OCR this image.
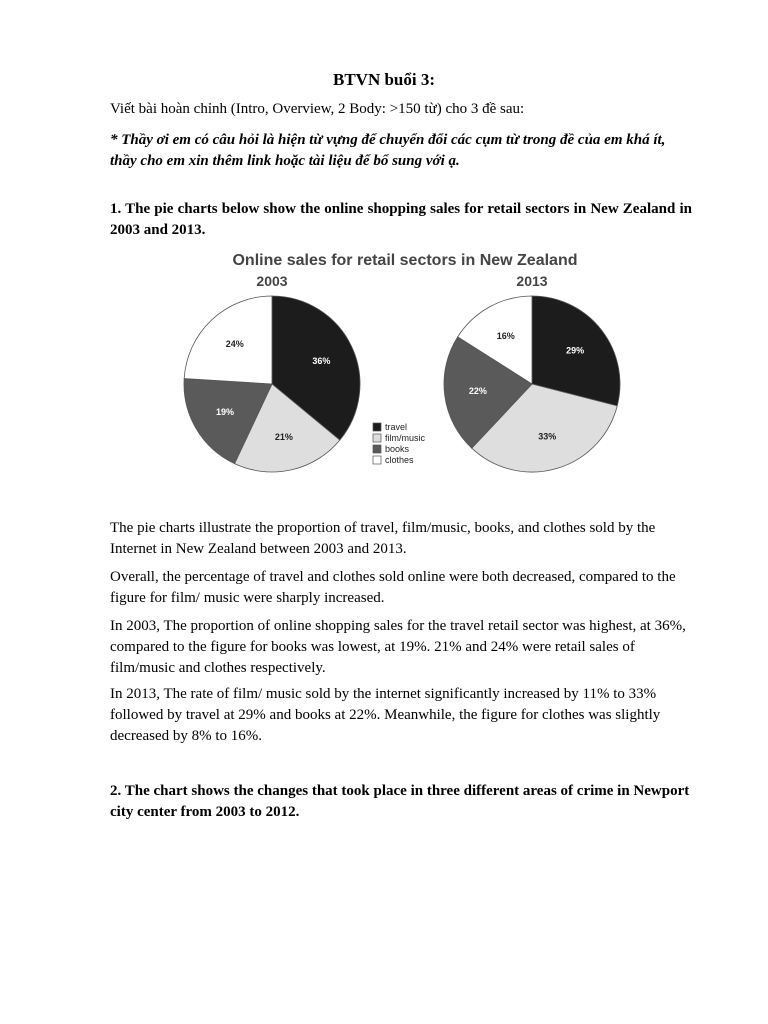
BTVN buổi 3:
Viết bài hoàn chỉnh (Intro, Overview, 2 Body: >150 từ) cho 3 đề sau:
* Thầy ơi em có câu hỏi là hiện từ vựng để chuyển đổi các cụm từ trong đề của em khá ít, thầy cho em xin thêm link hoặc tài liệu để bổ sung với ạ.
1. The pie charts below show the online shopping sales for retail sectors in New Zealand in 2003 and 2013.
Online sales for retail sectors in New Zealand
2003	2013
36%
21%
19%
24%
29%
33%
22%
16%
travel
film/music
books
clothes
The pie charts illustrate the proportion of travel, film/music, books, and clothes sold by the Internet in New Zealand between 2003 and 2013.
Overall, the percentage of travel and clothes sold online were both decreased, compared to the figure for film/ music were sharply increased.
In 2003, The proportion of online shopping sales for the travel retail sector was highest, at 36%, compared to the figure for books was lowest, at 19%. 21% and 24% were retail sales of film/music and clothes respectively.
In 2013, The rate of film/ music sold by the internet significantly increased by 11% to 33% followed by travel at 29% and books at 22%. Meanwhile, the figure for clothes was slightly decreased by 8% to 16%.
2. The chart shows the changes that took place in three different areas of crime in Newport city center from 2003 to 2012.
